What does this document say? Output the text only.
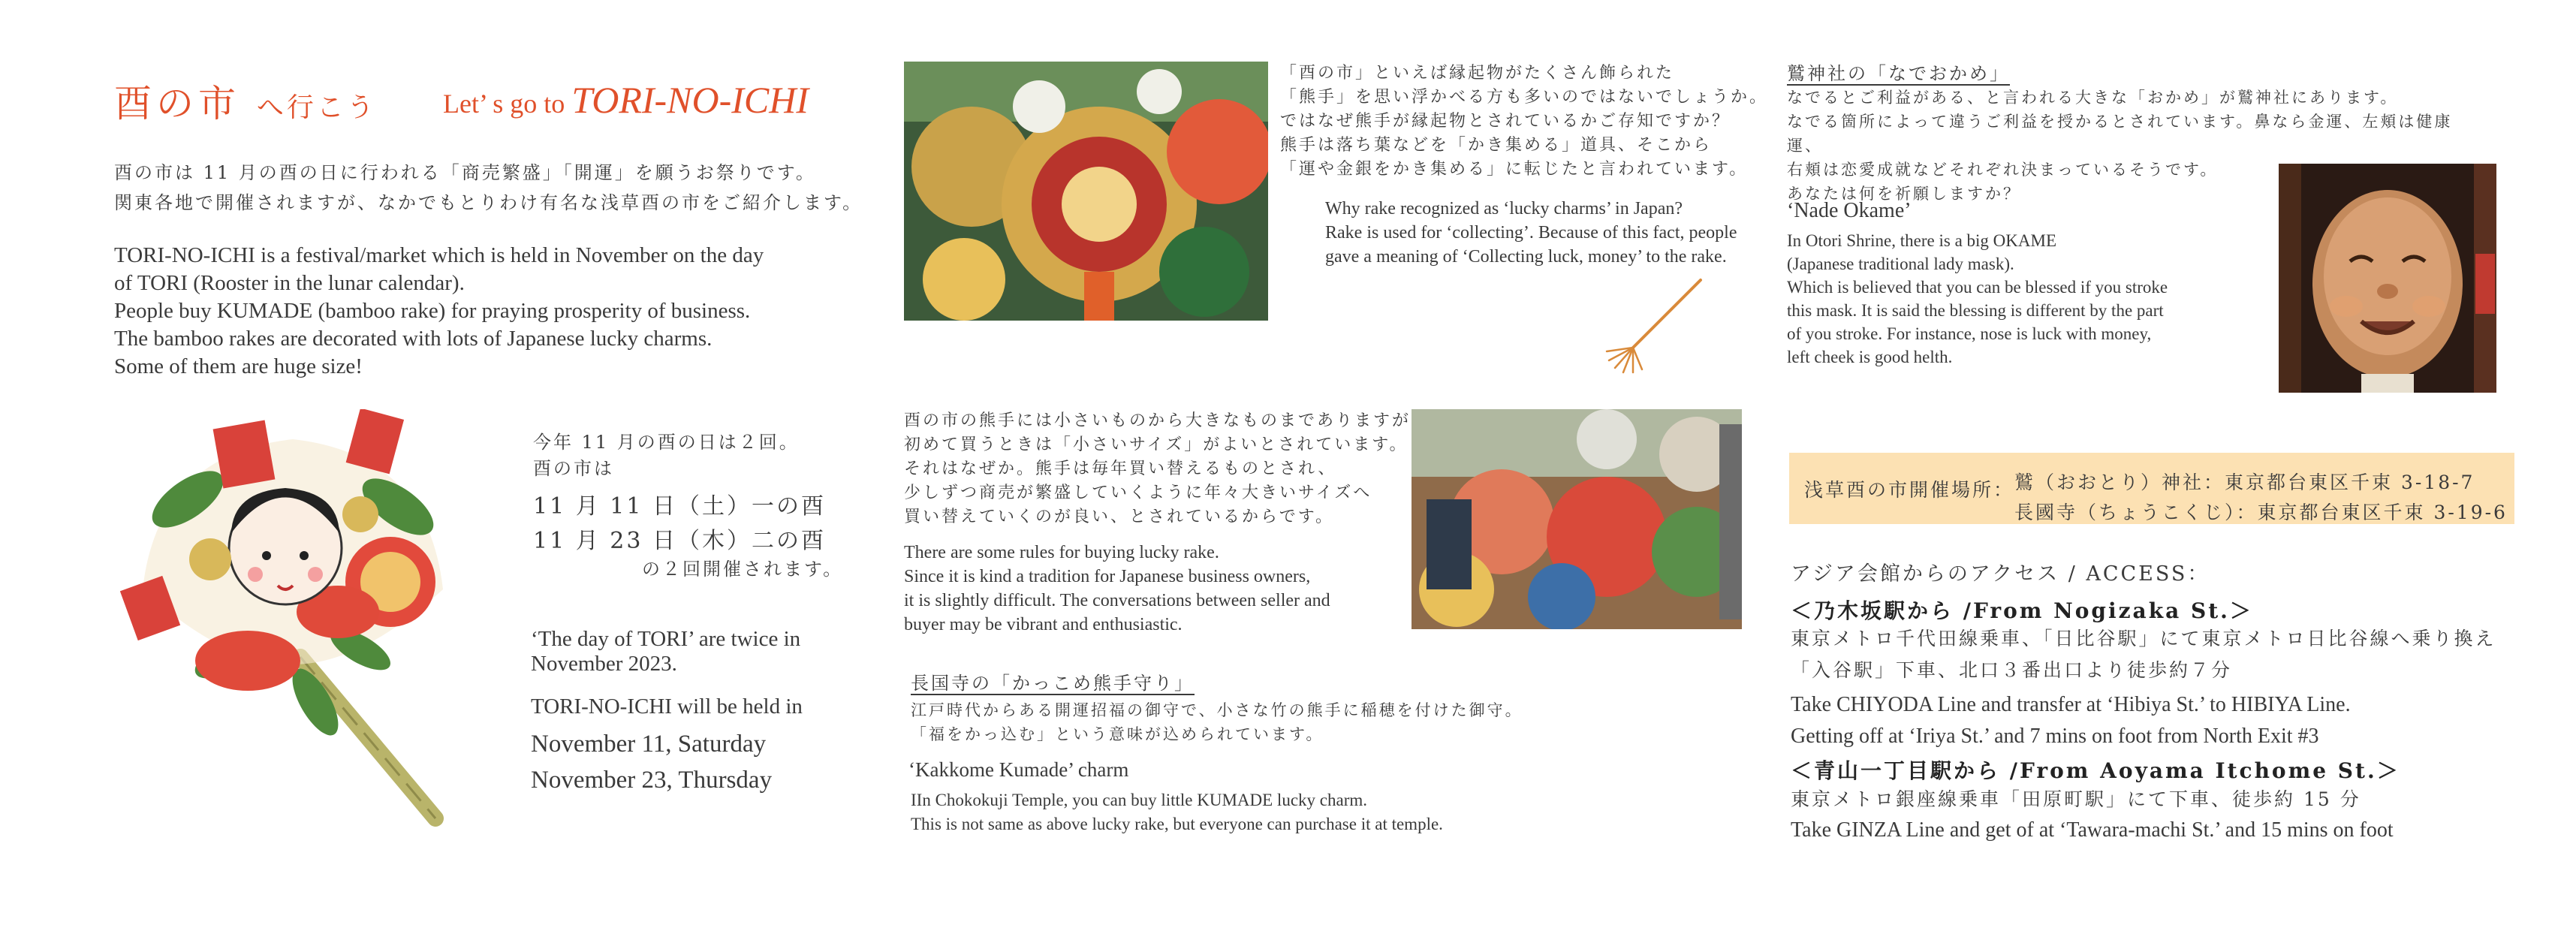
酉の市 へ行こう Let’ s go to TORI-NO-ICHI
酉の市は 11 月の酉の日に行われる「商売繁盛」「開運」を願うお祭りです。
関東各地で開催されますが、なかでもとりわけ有名な浅草酉の市をご紹介します。
TORI-NO-ICHI is a festival/market which is held in November on the day
of TORI (Rooster in the lunar calendar).
People buy KUMADE (bamboo rake) for praying prosperity of business.
The bamboo rakes are decorated with lots of Japanese lucky charms.
Some of them are huge size!
今年 11 月の酉の日は２回。
酉の市は
11 月 11 日（土）一の酉
11 月 23 日（木）二の酉
の２回開催されます。
‘The day of TORI’ are twice in
November 2023.
TORI-NO-ICHI will be held in
November 11, Saturday
November 23, Thursday
「酉の市」といえば縁起物がたくさん飾られた
「熊手」を思い浮かべる方も多いのではないでしょうか。
ではなぜ熊手が縁起物とされているかご存知ですか？
熊手は落ち葉などを「かき集める」道具、そこから
「運や金銀をかき集める」に転じたと言われています。
Why rake recognized as ‘lucky charms’ in Japan?
Rake is used for ‘collecting’. Because of this fact, people
gave a meaning of ‘Collecting luck, money’ to the rake.
酉の市の熊手には小さいものから大きなものまでありますが
初めて買うときは「小さいサイズ」がよいとされています。
それはなぜか。熊手は毎年買い替えるものとされ、
少しずつ商売が繁盛していくように年々大きいサイズへ
買い替えていくのが良い、とされているからです。
There are some rules for buying lucky rake.
Since it is kind a tradition for Japanese business owners,
it is slightly difficult. The conversations between seller and
buyer may be vibrant and enthusiastic.
長国寺の「かっこめ熊手守り」
江戸時代からある開運招福の御守で、小さな竹の熊手に稲穂を付けた御守。
「福をかっ込む」という意味が込められています。
‘Kakkome Kumade’ charm
IIn Chokokuji Temple, you can buy little KUMADE lucky charm.
This is not same as above lucky rake, but everyone can purchase it at temple.
鷲神社の「なでおかめ」
なでるとご利益がある、と言われる大きな「おかめ」が鷲神社にあります。
なでる箇所によって違うご利益を授かるとされています。鼻なら金運、左頬は健康運、
右頬は恋愛成就などそれぞれ決まっているそうです。
あなたは何を祈願しますか？
‘Nade Okame’
In Otori Shrine, there is a big OKAME
(Japanese traditional lady mask).
Which is believed that you can be blessed if you stroke
this mask. It is said the blessing is different by the part
of you stroke. For instance, nose is luck with money,
left cheek is good helth.
浅草酉の市開催場所： 鷲（おおとり）神社：東京都台東区千束 3-18-7
長國寺（ちょうこくじ）：東京都台東区千束 3-19-6
アジア会館からのアクセス / ACCESS：
＜乃木坂駅から /From Nogizaka St.＞
東京メトロ千代田線乗車、「日比谷駅」にて東京メトロ日比谷線へ乗り換え
「入谷駅」下車、北口３番出口より徒歩約７分
Take CHIYODA Line and transfer at ‘Hibiya St.’ to HIBIYA Line.
Getting off at ‘Iriya St.’ and 7 mins on foot from North Exit #3
＜青山一丁目駅から /From Aoyama Itchome St.＞
東京メトロ銀座線乗車「田原町駅」にて下車、徒歩約 15 分
Take GINZA Line and get of at ‘Tawara-machi St.’ and 15 mins on foot
